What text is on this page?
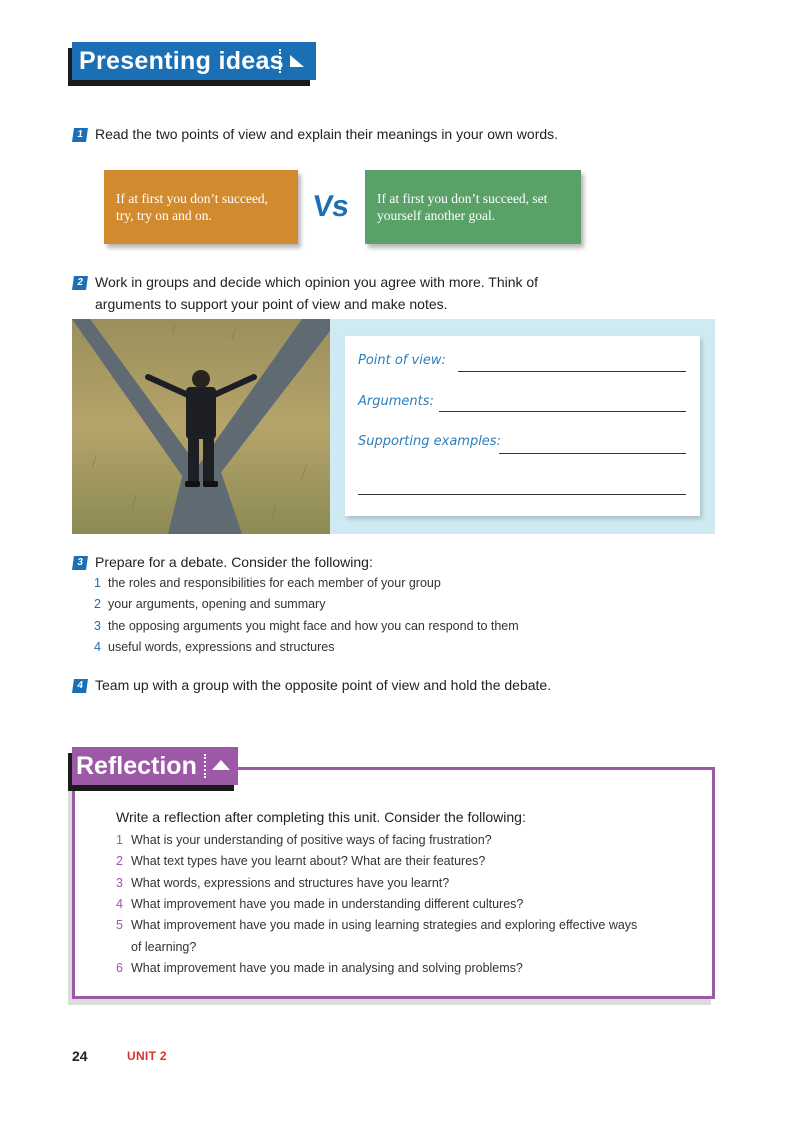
Presenting ideas
1 Read the two points of view and explain their meanings in your own words.
If at first you don’t succeed,
try, try on and on.	Vs If at first you don’t succeed, set
yourself another goal.
2 Work in groups and decide which opinion you agree with more. Think of
arguments to support your point of view and make notes.
Point of view:
Arguments:
Supporting examples:
3 Prepare for a debate. Consider the following:
1 the roles and responsibilities for each member of your group
2 your arguments, opening and summary
3 the opposing arguments you might face and how you can respond to them
4 useful words, expressions and structures
4 Team up with a group with the opposite point of view and hold the debate.
Reflection
Write a reflection after completing this unit. Consider the following:
1 What is your understanding of positive ways of facing frustration?
2 What text types have you learnt about? What are their features?
3 What words, expressions and structures have you learnt?
4 What improvement have you made in understanding different cultures?
5 What improvement have you made in using learning strategies and exploring effective ways
of learning?
6 What improvement have you made in analysing and solving problems?
24	UNIT 2
